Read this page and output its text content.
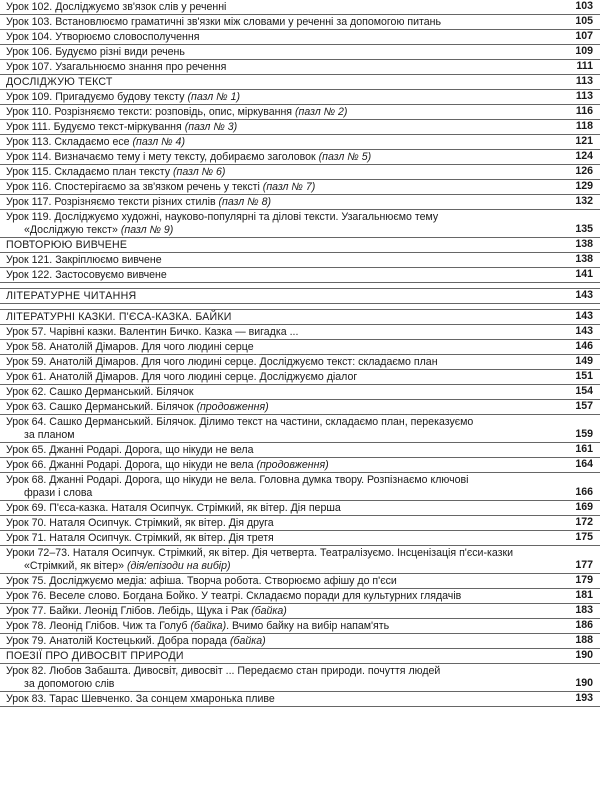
Урок 102. Досліджуємо зв'язок слів у реченні	103
Урок 103. Встановлюємо граматичні зв'язки між словами у реченні за допомогою питань	105
Урок 104. Утворюємо словосполучення	107
Урок 106. Будуємо різні види речень	109
Урок 107. Узагальнюємо знання про речення	111
ДОСЛІДЖУЮ ТЕКСТ	113
Урок 109. Пригадуємо будову тексту (пазл № 1)	113
Урок 110. Розрізняємо тексти: розповідь, опис, міркування (пазл № 2)	116
Урок 111. Будуємо текст-міркування (пазл № 3)	118
Урок 113. Складаємо есе (пазл № 4)	121
Урок 114. Визначаємо тему і мету тексту, добираємо заголовок (пазл № 5)	124
Урок 115. Складаємо план тексту (пазл № 6)	126
Урок 116. Спостерігаємо за зв'язком речень у тексті (пазл № 7)	129
Урок 117. Розрізняємо тексти різних стилів (пазл № 8)	132
Урок 119. Досліджуємо художні, науково-популярні та ділові тексти. Узагальнюємо тему
«Досліджую текст» (пазл № 9)	135
ПОВТОРЮЮ ВИВЧЕНЕ	138
Урок 121. Закріплюємо вивчене	138
Урок 122. Застосовуємо вивчене	141
ЛІТЕРАТУРНЕ ЧИТАННЯ	143
ЛІТЕРАТУРНІ КАЗКИ. П'ЄСА-КАЗКА. БАЙКИ	143
Урок 57. Чарівні казки. Валентин Бичко. Казка — вигадка ...	143
Урок 58. Анатолій Дімаров. Для чого людині серце	146
Урок 59. Анатолій Дімаров. Для чого людині серце. Досліджуємо текст: складаємо план	149
Урок 61. Анатолій Дімаров. Для чого людині серце. Досліджуємо діалог	151
Урок 62. Сашко Дерманський. Білячок	154
Урок 63. Сашко Дерманський. Білячок (продовження)	157
Урок 64. Сашко Дерманський. Білячок. Ділимо текст на частини, складаємо план, переказуємо
за планом	159
Урок 65. Джанні Родарі. Дорога, що нікуди не вела	161
Урок 66. Джанні Родарі. Дорога, що нікуди не вела (продовження)	164
Урок 68. Джанні Родарі. Дорога, що нікуди не вела. Головна думка твору. Розпізнаємо ключові
фрази і слова	166
Урок 69. П'єса-казка. Наталя Осипчук. Стрімкий, як вітер. Дія перша	169
Урок 70. Наталя Осипчук. Стрімкий, як вітер. Дія друга	172
Урок 71. Наталя Осипчук. Стрімкий, як вітер. Дія третя	175
Уроки 72–73. Наталя Осипчук. Стрімкий, як вітер. Дія четверта. Театралізуємо. Інсценізація п'єси-казки
«Стрімкий, як вітер» (дія/епізоди на вибір)	177
Урок 75. Досліджуємо медіа: афіша. Творча робота. Створюємо афішу до п'єси	179
Урок 76. Веселе слово. Богдана Бойко. У театрі. Складаємо поради для культурних глядачів	181
Урок 77. Байки. Леонід Глібов. Лебідь, Щука і Рак (байка)	183
Урок 78. Леонід Глібов. Чиж та Голуб (байка). Вчимо байку на вибір напам'ять	186
Урок 79. Анатолій Костецький. Добра порада (байка)	188
ПОЕЗІЇ ПРО ДИВОСВІТ ПРИРОДИ	190
Урок 82. Любов Забашта. Дивосвіт, дивосвіт ... Передаємо стан природи. почуття людей
за допомогою слів	190
Урок 83. Тарас Шевченко. За сонцем хмаронька пливе	193
